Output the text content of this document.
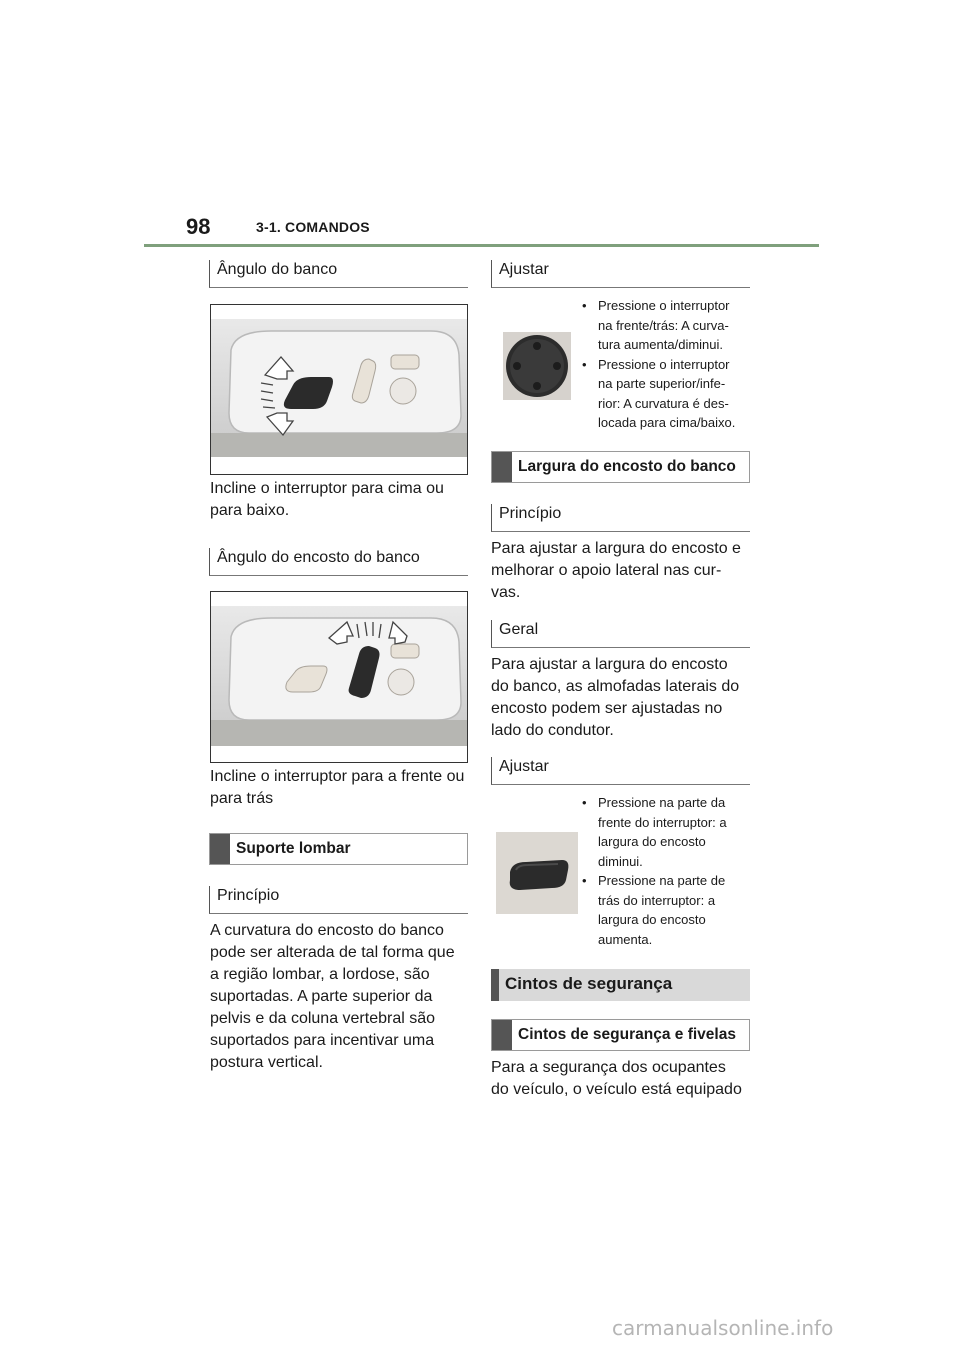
98	3-1. COMANDOS
Ângulo do banco
Incline o interruptor para cima ou
para baixo.
Ângulo do encosto do banco
Incline o interruptor para a frente ou
para trás
Suporte lombar
Princípio
A curvatura do encosto do banco
pode ser alterada de tal forma que
a região lombar, a lordose, são
suportadas. A parte superior da
pelvis e da coluna vertebral são
suportados para incentivar uma
postura vertical.
Ajustar
• Pressione o interruptor
na frente/trás: A curva-
tura aumenta/diminui.
• Pressione o interruptor
na parte superior/infe-
rior: A curvatura é des-
locada para cima/baixo.
Largura do encosto do banco
Princípio
Para ajustar a largura do encosto e
melhorar o apoio lateral nas cur-
vas.
Geral
Para ajustar a largura do encosto
do banco, as almofadas laterais do
encosto podem ser ajustadas no
lado do condutor.
Ajustar
• Pressione na parte da
frente do interruptor: a
largura do encosto
diminui.
• Pressione na parte de
trás do interruptor: a
largura do encosto
aumenta.
Cintos de segurança
Cintos de segurança e fivelas
Para a segurança dos ocupantes
do veículo, o veículo está equipado
carmanualsonline.info
